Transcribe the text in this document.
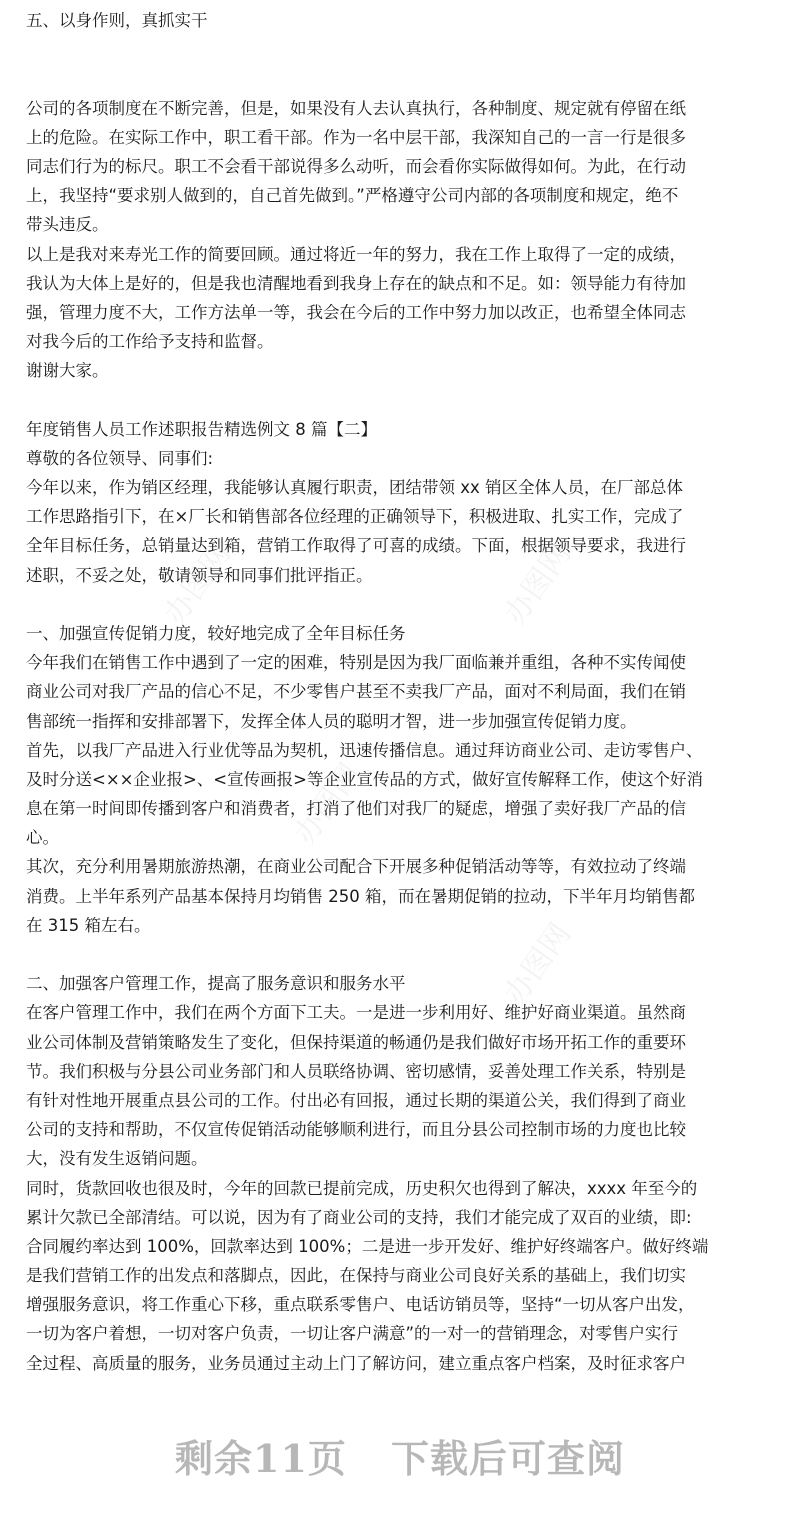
办图网	办图网
办图网
办图网
五、以身作则，真抓实干
公司的各项制度在不断完善，但是，如果没有人去认真执行，各种制度、规定就有停留在纸
上的危险。在实际工作中，职工看干部。作为一名中层干部，我深知自己的一言一行是很多
同志们行为的标尺。职工不会看干部说得多么动听，而会看你实际做得如何。为此，在行动
上，我坚持“要求别人做到的，自己首先做到。”严格遵守公司内部的各项制度和规定，绝不
带头违反。
以上是我对来寿光工作的简要回顾。通过将近一年的努力，我在工作上取得了一定的成绩，
我认为大体上是好的，但是我也清醒地看到我身上存在的缺点和不足。如：领导能力有待加
强，管理力度不大，工作方法单一等，我会在今后的工作中努力加以改正，也希望全体同志
对我今后的工作给予支持和监督。
谢谢大家。
年度销售人员工作述职报告精选例文 8 篇【二】
尊敬的各位领导、同事们:
今年以来，作为销区经理，我能够认真履行职责，团结带领 xx 销区全体人员，在厂部总体
工作思路指引下，在×厂长和销售部各位经理的正确领导下，积极进取、扎实工作，完成了
全年目标任务，总销量达到箱，营销工作取得了可喜的成绩。下面，根据领导要求，我进行
述职，不妥之处，敬请领导和同事们批评指正。
一、加强宣传促销力度，较好地完成了全年目标任务
今年我们在销售工作中遇到了一定的困难，特别是因为我厂面临兼并重组，各种不实传闻使
商业公司对我厂产品的信心不足，不少零售户甚至不卖我厂产品，面对不利局面，我们在销
售部统一指挥和安排部署下，发挥全体人员的聪明才智，进一步加强宣传促销力度。
首先，以我厂产品进入行业优等品为契机，迅速传播信息。通过拜访商业公司、走访零售户、
及时分送<××企业报>、<宣传画报>等企业宣传品的方式，做好宣传解释工作，使这个好消
息在第一时间即传播到客户和消费者，打消了他们对我厂的疑虑，增强了卖好我厂产品的信
心。
其次，充分利用暑期旅游热潮，在商业公司配合下开展多种促销活动等等，有效拉动了终端
消费。上半年系列产品基本保持月均销售 250 箱，而在暑期促销的拉动，下半年月均销售都
在 315 箱左右。
二、加强客户管理工作，提高了服务意识和服务水平
在客户管理工作中，我们在两个方面下工夫。一是进一步利用好、维护好商业渠道。虽然商
业公司体制及营销策略发生了变化，但保持渠道的畅通仍是我们做好市场开拓工作的重要环
节。我们积极与分县公司业务部门和人员联络协调、密切感情，妥善处理工作关系，特别是
有针对性地开展重点县公司的工作。付出必有回报，通过长期的渠道公关，我们得到了商业
公司的支持和帮助，不仅宣传促销活动能够顺利进行，而且分县公司控制市场的力度也比较
大，没有发生返销问题。
同时，货款回收也很及时，今年的回款已提前完成，历史积欠也得到了解决，xxxx 年至今的
累计欠款已全部清结。可以说，因为有了商业公司的支持，我们才能完成了双百的业绩，即:
合同履约率达到 100%，回款率达到 100%；二是进一步开发好、维护好终端客户。做好终端
是我们营销工作的出发点和落脚点，因此，在保持与商业公司良好关系的基础上，我们切实
增强服务意识，将工作重心下移，重点联系零售户、电话访销员等，坚持“一切从客户出发，
一切为客户着想，一切对客户负责，一切让客户满意”的一对一的营销理念，对零售户实行
全过程、高质量的服务，业务员通过主动上门了解访问，建立重点客户档案，及时征求客户
剩余11页 下载后可查阅
